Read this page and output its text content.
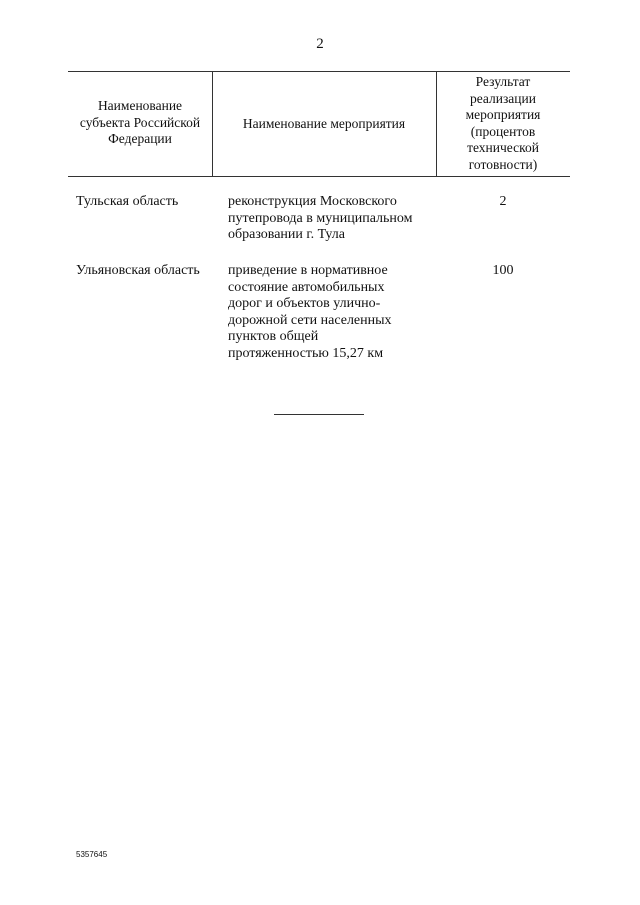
2
Наименование
субъекта Российской
Федерации
Наименование мероприятия
Результат
реализации
мероприятия
(процентов
технической
готовности)
Тульская область	реконструкция Московского
путепровода в муниципальном
образовании г. Тула
2
Ульяновская область	приведение в нормативное
состояние автомобильных
дорог и объектов улично-
дорожной сети населенных
пунктов общей
протяженностью 15,27 км
100
5357645
